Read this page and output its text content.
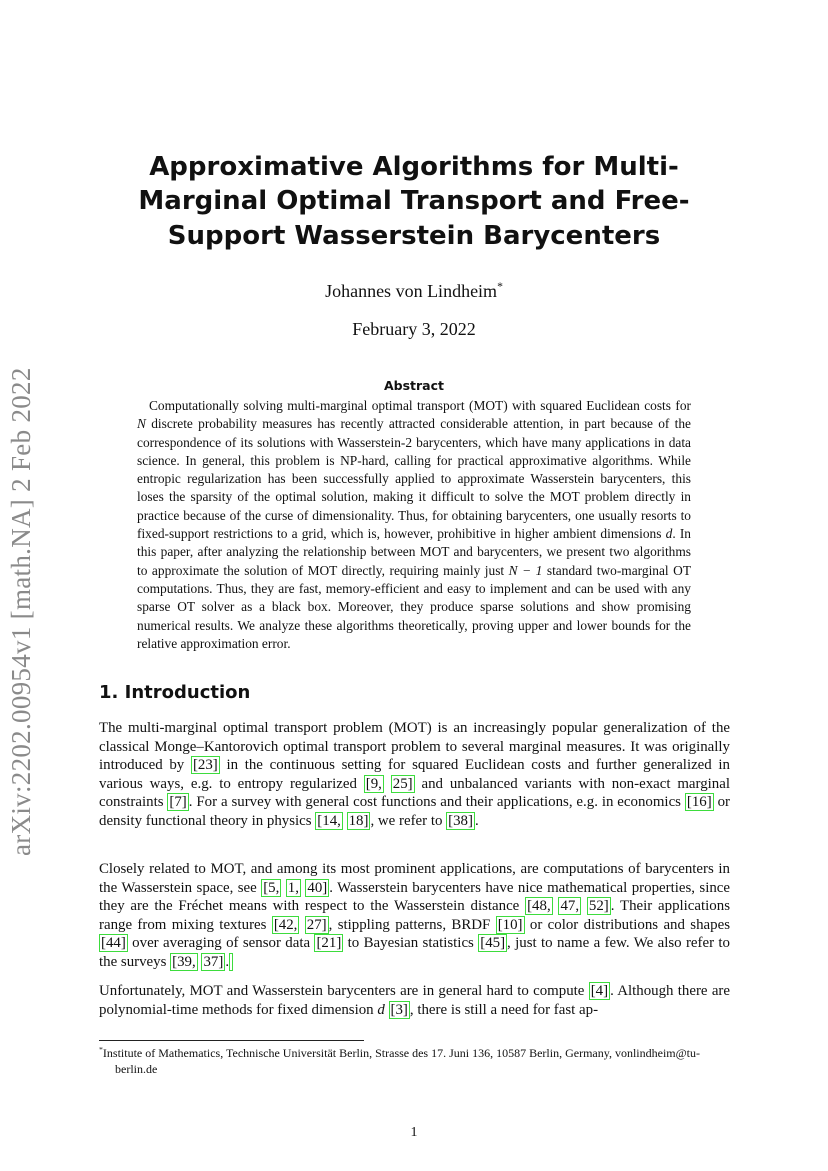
arXiv:2202.00954v1 [math.NA] 2 Feb 2022
Approximative Algorithms for Multi-Marginal Optimal Transport and Free-Support Wasserstein Barycenters
Johannes von Lindheim*
February 3, 2022
Abstract
Computationally solving multi-marginal optimal transport (MOT) with squared Euclidean costs for N discrete probability measures has recently attracted considerable attention, in part because of the correspondence of its solutions with Wasserstein-2 barycenters, which have many applications in data science. In general, this problem is NP-hard, calling for practical approximative algorithms. While entropic regularization has been successfully applied to approximate Wasserstein barycenters, this loses the sparsity of the optimal solution, making it difficult to solve the MOT problem directly in practice because of the curse of dimensionality. Thus, for obtaining barycenters, one usually resorts to fixed-support restrictions to a grid, which is, however, prohibitive in higher ambient dimensions d. In this paper, after analyzing the relationship between MOT and barycenters, we present two algorithms to approximate the solution of MOT directly, requiring mainly just N − 1 standard two-marginal OT computations. Thus, they are fast, memory-efficient and easy to implement and can be used with any sparse OT solver as a black box. Moreover, they produce sparse solutions and show promising numerical results. We analyze these algorithms theoretically, proving upper and lower bounds for the relative approximation error.
1. Introduction
The multi-marginal optimal transport problem (MOT) is an increasingly popular generalization of the classical Monge–Kantorovich optimal transport problem to several marginal measures. It was originally introduced by [23] in the continuous setting for squared Euclidean costs and further generalized in various ways, e.g. to entropy regularized [9, 25] and unbalanced variants with non-exact marginal constraints [7] . For a survey with general cost functions and their applications, e.g. in economics [16] or density functional theory in physics [14, 18] , we refer to [38] .
Closely related to MOT, and among its most prominent applications, are computations of barycenters in the Wasserstein space, see [5, 1, 40] . Wasserstein barycenters have nice mathematical properties, since they are the Fréchet means with respect to the Wasserstein distance [48, 47, 52] . Their applications range from mixing textures [42, 27] , stippling patterns, BRDF [10] or color distributions and shapes [44] over averaging of sensor data [21] to Bayesian statistics [45] , just to name a few. We also refer to the surveys [39, 37] .
Unfortunately, MOT and Wasserstein barycenters are in general hard to compute [4] . Although there are polynomial-time methods for fixed dimension d [3] , there is still a need for fast ap-
*Institute of Mathematics, Technische Universität Berlin, Strasse des 17. Juni 136, 10587 Berlin, Germany, vonlindheim@tu-berlin.de
1
